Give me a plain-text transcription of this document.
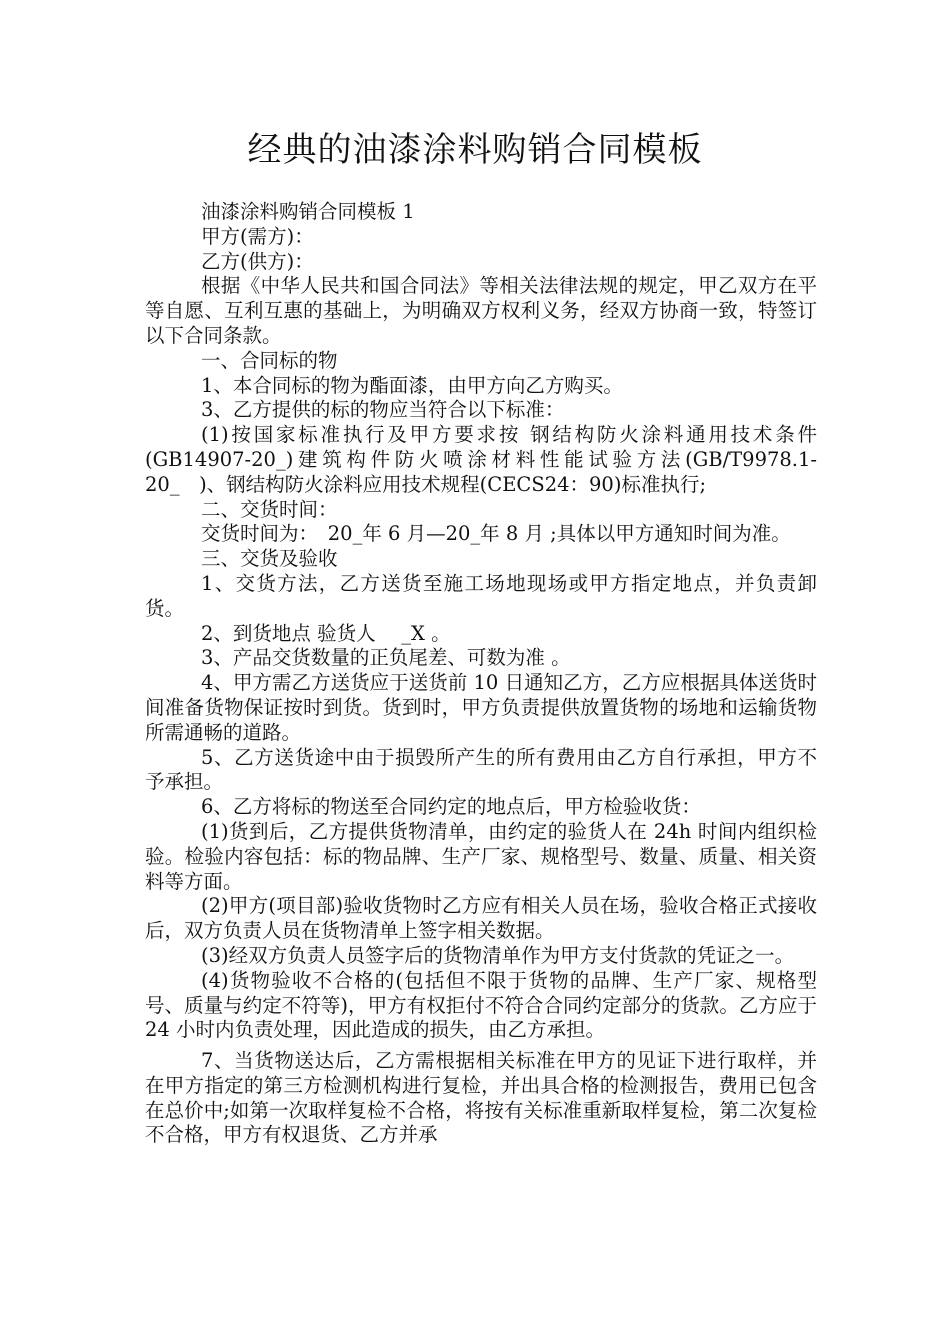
经典的油漆涂料购销合同模板

油漆涂料购销合同模板 1

甲方(需方)：

乙方(供方)：

根据《中华人民共和国合同法》等相关法律法规的规定，甲乙双方在平等自愿、互利互惠的基础上，为明确双方权利义务，经双方协商一致，特签订以下合同条款。

一、合同标的物

1、本合同标的物为酯面漆，由甲方向乙方购买。

3、乙方提供的标的物应当符合以下标准：

(1)按国家标准执行及甲方要求按 钢结构防火涂料通用技术条件(GB14907-20_)建筑构件防火喷涂材料性能试验方法(GB/T9978.1-20_　)、钢结构防火涂料应用技术规程(CECS24：90)标准执行;

二、交货时间：

交货时间为：　20_年 6 月—20_年 8 月 ;具体以甲方通知时间为准。

三、交货及验收

1、交货方法，乙方送货至施工场地现场或甲方指定地点，并负责卸货。

2、到货地点 验货人　 _X 。

3、产品交货数量的正负尾差、可数为准 。

4、甲方需乙方送货应于送货前 10 日通知乙方，乙方应根据具体送货时间准备货物保证按时到货。货到时，甲方负责提供放置货物的场地和运输货物所需通畅的道路。

5、乙方送货途中由于损毁所产生的所有费用由乙方自行承担，甲方不予承担。

6、乙方将标的物送至合同约定的地点后，甲方检验收货：

(1)货到后，乙方提供货物清单，由约定的验货人在 24h 时间内组织检验。检验内容包括：标的物品牌、生产厂家、规格型号、数量、质量、相关资料等方面。

(2)甲方(项目部)验收货物时乙方应有相关人员在场，验收合格正式接收后，双方负责人员在货物清单上签字相关数据。

(3)经双方负责人员签字后的货物清单作为甲方支付货款的凭证之一。

(4)货物验收不合格的(包括但不限于货物的品牌、生产厂家、规格型号、质量与约定不符等)，甲方有权拒付不符合合同约定部分的货款。乙方应于 24 小时内负责处理，因此造成的损失，由乙方承担。

7、当货物送达后，乙方需根据相关标准在甲方的见证下进行取样，并在甲方指定的第三方检测机构进行复检，并出具合格的检测报告，费用已包含在总价中;如第一次取样复检不合格，将按有关标准重新取样复检，第二次复检不合格，甲方有权退货、乙方并承
